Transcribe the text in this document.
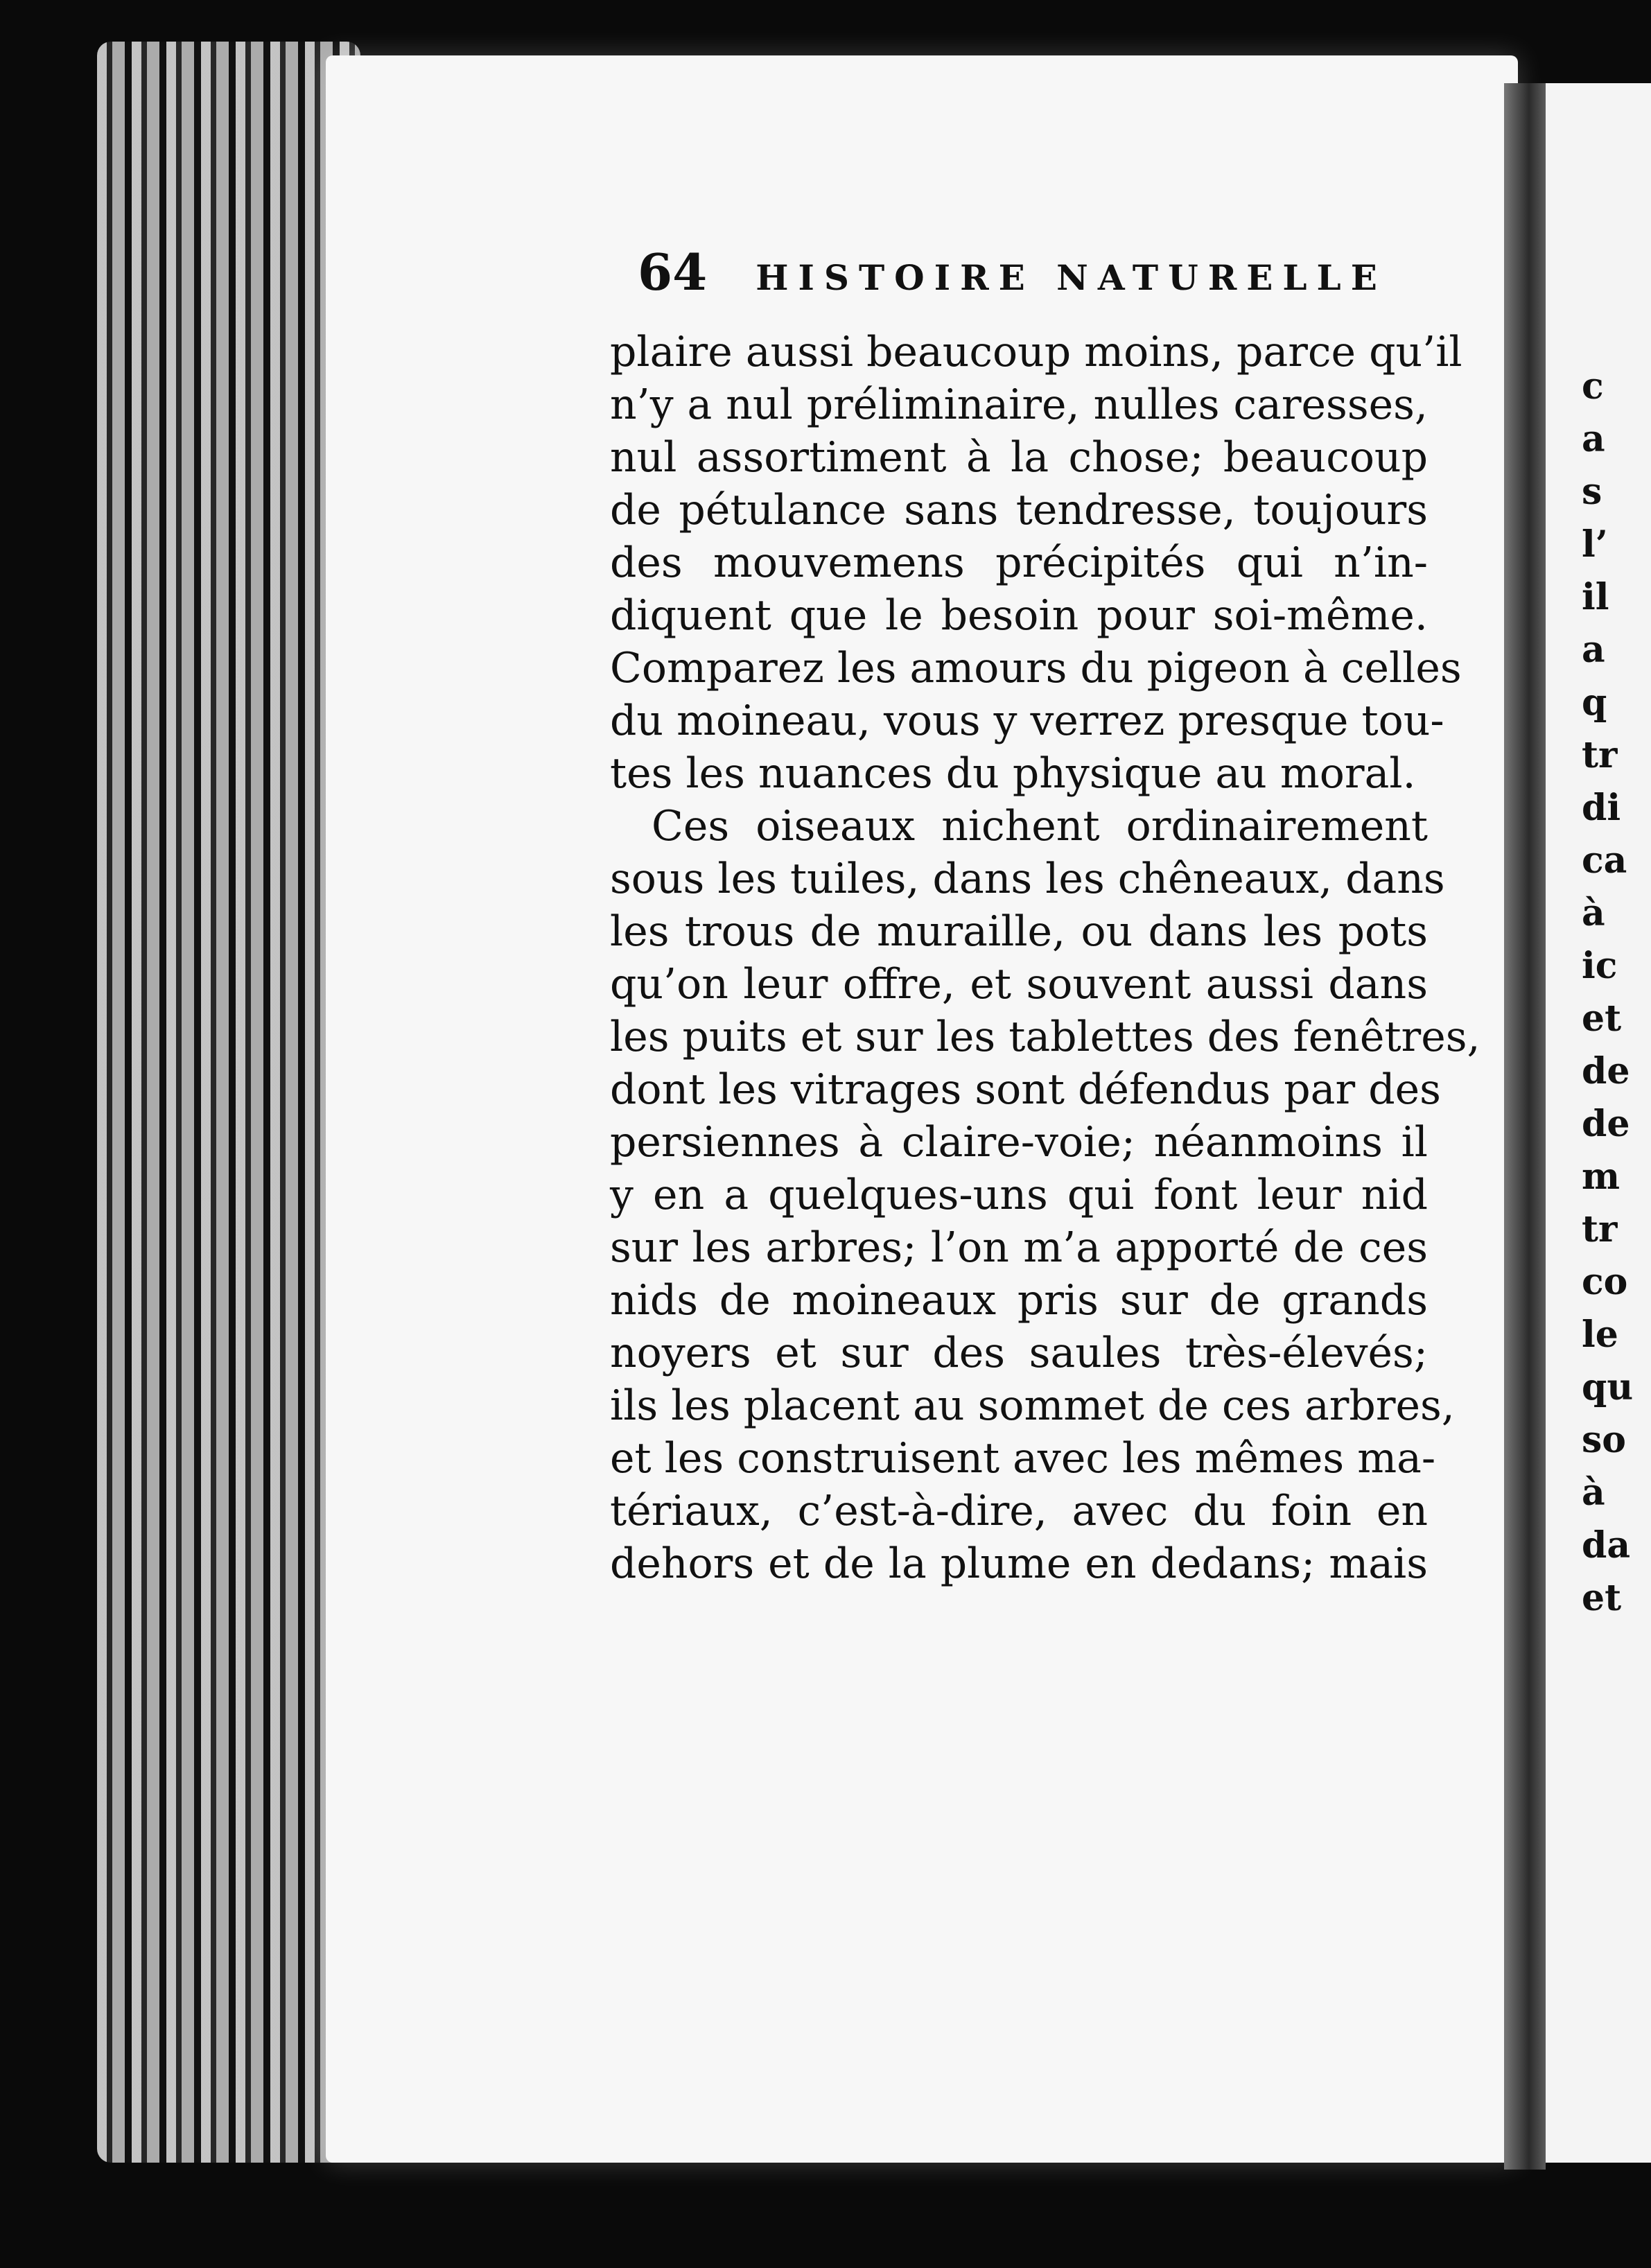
64 HISTOIRE NATURELLE
plaire aussi beaucoup moins, parce qu’il
n’y a nul préliminaire, nulles caresses,
nul assortiment à la chose; beaucoup
de pétulance sans tendresse, toujours
des mouvemens précipités qui n’in-
diquent que le besoin pour soi-même.
Comparez les amours du pigeon à celles
du moineau, vous y verrez presque tou-
tes les nuances du physique au moral.
Ces oiseaux nichent ordinairement
sous les tuiles, dans les chêneaux, dans
les trous de muraille, ou dans les pots
qu’on leur offre, et souvent aussi dans
les puits et sur les tablettes des fenêtres,
dont les vitrages sont défendus par des
persiennes à claire-voie; néanmoins il
y en a quelques-uns qui font leur nid
sur les arbres; l’on m’a apporté de ces
nids de moineaux pris sur de grands
noyers et sur des saules très-élevés;
ils les placent au sommet de ces arbres,
et les construisent avec les mêmes ma-
tériaux, c’est-à-dire, avec du foin en
dehors et de la plume en dedans; mais
c
a
s
l’
il
a
q
tr
di
ca
à
ic
et
de
de
m
tr
co
le
qu
so
à
da
et
